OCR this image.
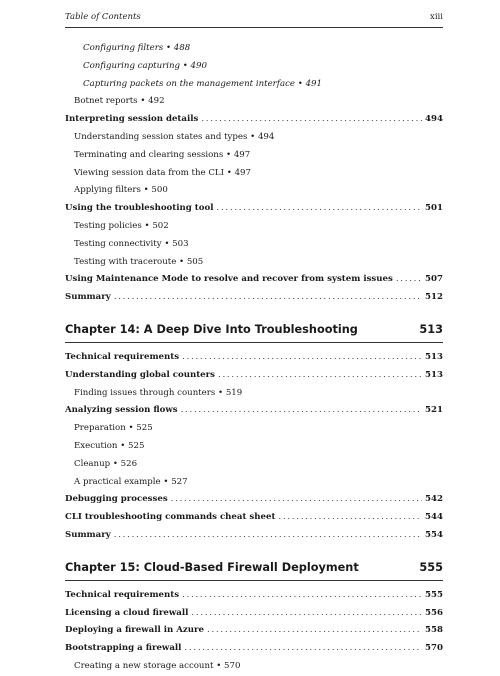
Table of Contents	xiii
Configuring filters • 488
Configuring capturing • 490
Capturing packets on the management interface • 491
Botnet reports • 492
Interpreting session details . . .	494
Understanding session states and types • 494
Terminating and clearing sessions • 497
Viewing session data from the CLI • 497
Applying filters • 500
Using the troubleshooting tool . . .	501
Testing policies • 502
Testing connectivity • 503
Testing with traceroute • 505
Using Maintenance Mode to resolve and recover from system issues . . .	507
Summary . . .	512
Chapter 14: A Deep Dive Into Troubleshooting	513
Technical requirements . . .	513
Understanding global counters . . .	513
Finding issues through counters • 519
Analyzing session flows . . .	521
Preparation • 525
Execution • 525
Cleanup • 526
A practical example • 527
Debugging processes . . .	542
CLI troubleshooting commands cheat sheet . . .	544
Summary . . .	554
Chapter 15: Cloud-Based Firewall Deployment	555
Technical requirements . . .	555
Licensing a cloud firewall . . .	556
Deploying a firewall in Azure . . .	558
Bootstrapping a firewall . . .	570
Creating a new storage account • 570
